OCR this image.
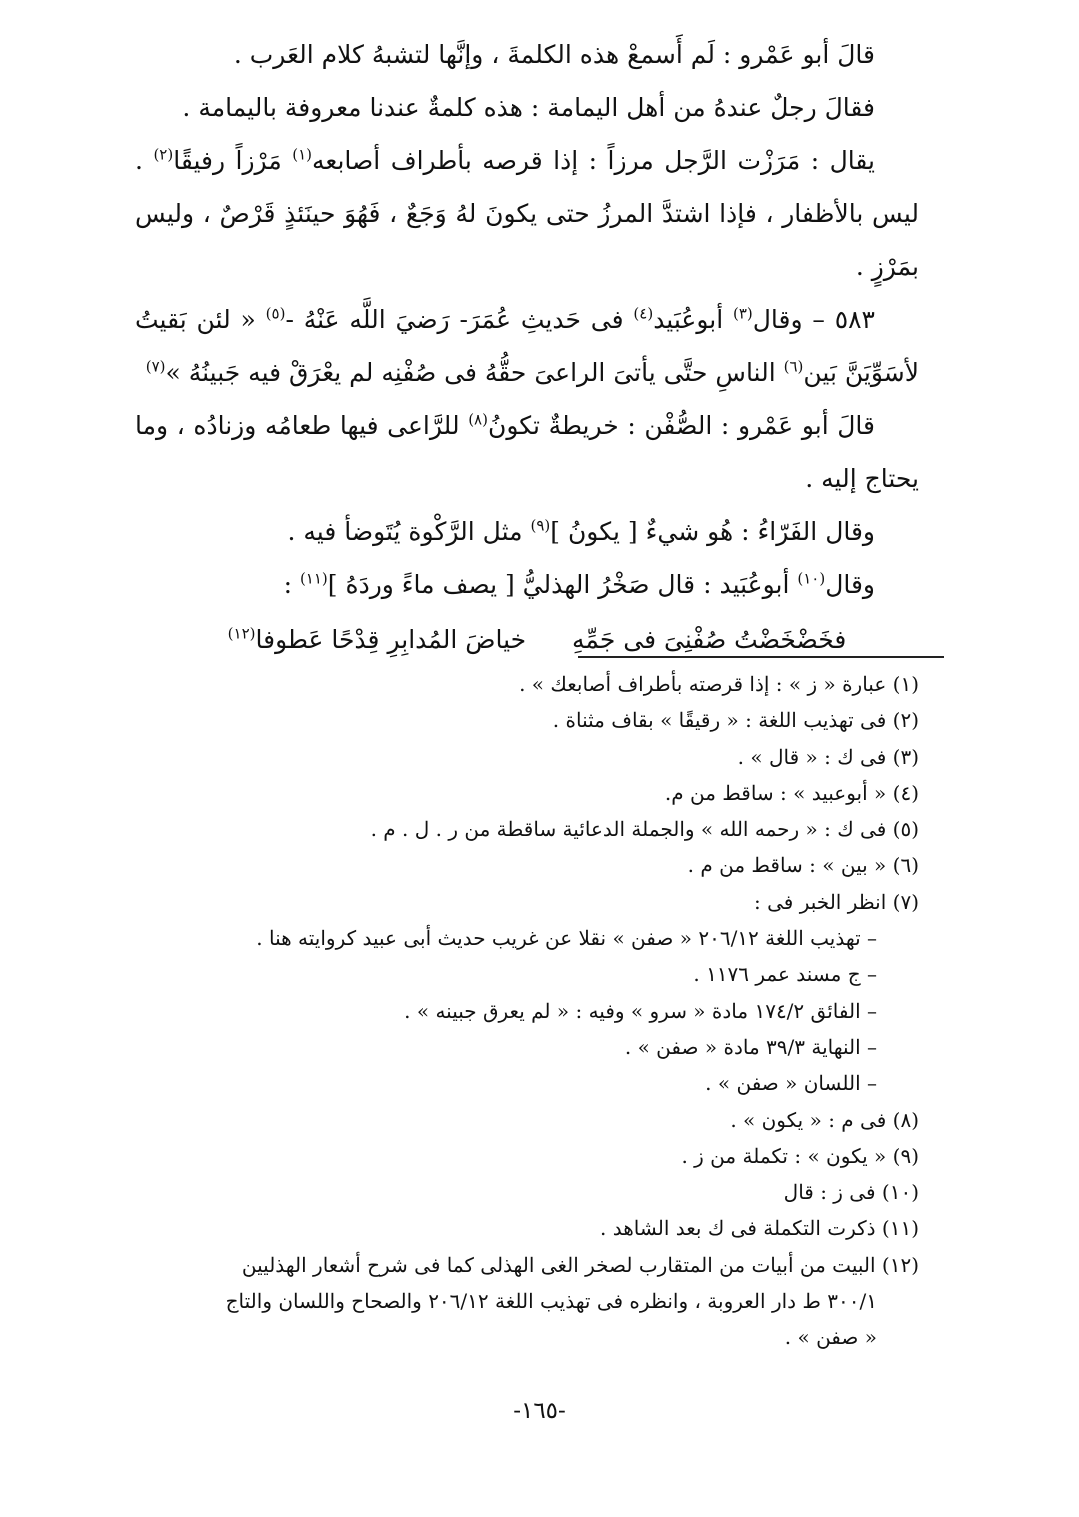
قالَ أبو عَمْرو : لَم أَسمعْ هذه الكلمةَ ، وإنَّها لتشبهُ كلام العَرب .

فقالَ رجلٌ عندهُ من أهل اليمامة : هذه كلمةٌ عندنا معروفة باليمامة .

يقال : مَرَزْت الرَّجل مرزاً : إذا قرصه بأطراف أصابعه$^{(١)}$ مَرْزاً رفيقًا$^{(٢)}$ . ليس بالأظفار ، فإذا اشتدَّ المرزُ حتى يكونَ لهُ وَجَعٌ ، فَهُوَ حينَئذٍ قَرْصٌ ، وليس بمَرْزٍ .

٥٨٣ – وقال$^{(٣)}$ أبوعُبَيد$^{(٤)}$ فى حَديثِ عُمَرَ- رَضيَ اللَّه عَنْهُ -$^{(٥)}$ « لئن بَقيتُ لأسَوِّيَنَّ بَين$^{(٦)}$ الناسِ حتَّى يأتىَ الراعىَ حقُّهُ فى صُفْنِه لم يعْرَقْ فيه جَبينُهُ »$^{(٧)}$

قالَ أبو عَمْرو : الصُّفْن : خريطةٌ تكونُ$^{(٨)}$ للرَّاعى فيها طعامُه وزنادُه ، وما يحتاج إليه .

وقال الفَرّاءُ : هُو شيءٌ [ يكونُ ]$^{(٩)}$ مثل الرَّكْوة يُتَوضأ فيه .

وقال$^{(١٠)}$ أبوعُبَيد : قال صَخْرُ الهذليُّ [ يصف ماءً وردَهُ ]$^{(١١)}$ :

فخَضْخَضْتُ صُفْنِىَ فى جَمِّهِ  خياضَ المُدابِرِ قِدْحًا عَطوفا$^{(١٢)}$

(١) عبارة « ز » : إذا قرصته بأطراف أصابعك » .

(٢) فى تهذيب اللغة : « رقيقًا » بقاف مثناة .

(٣) فى ك : « قال » .

(٤) « أبوعبيد » : ساقط من م.

(٥) فى ك : « رحمه الله » والجملة الدعائية ساقطة من ر . ل . م .

(٦) « بين » : ساقط من م .

(٧) انظر الخبر فى :

– تهذيب اللغة ٢٠٦/١٢ « صفن » نقلا عن غريب حديث أبى عبيد كروايته هنا .

– ج مسند عمر ١١٧٦ .

– الفائق ١٧٤/٢ مادة « سرو » وفيه : « لم يعرق جبينه » .

– النهاية ٣٩/٣ مادة « صفن » .

– اللسان « صفن » .

(٨) فى م : « يكون » .

(٩) « يكون » : تكملة من ز .

(١٠) فى ز : قال

(١١) ذكرت التكملة فى ك بعد الشاهد .

(١٢) البيت من أبيات من المتقارب لصخر الغى الهذلى كما فى شرح أشعار الهذليين

٣٠٠/١ ط دار العروبة ، وانظره فى تهذيب اللغة ٢٠٦/١٢ والصحاح واللسان والتاج

« صفن » .

-١٦٥-
